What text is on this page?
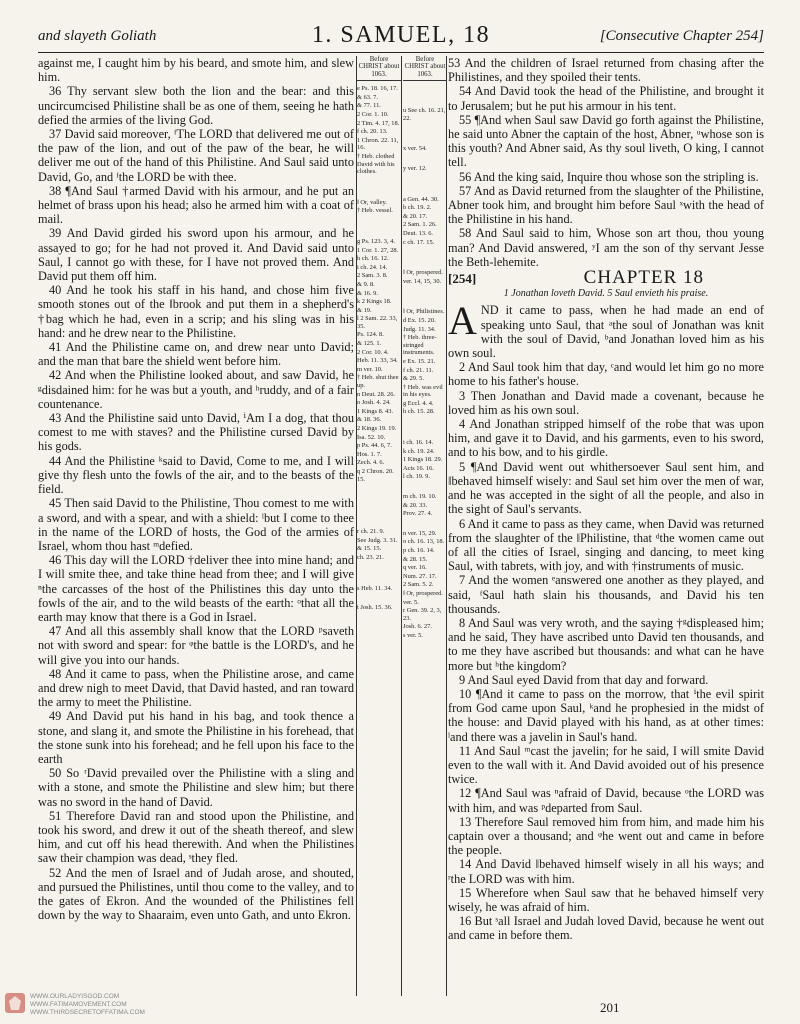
and slayeth Goliath	1. SAMUEL, 18	[Consecutive Chapter 254]

against me, I caught him by his beard, and smote him, and slew him.

36 Thy servant slew both the lion and the bear: and this uncircumcised Philistine shall be as one of them, seeing he hath defied the armies of the living God.

37 David said moreover, ᶠThe LORD that delivered me out of the paw of the lion, and out of the paw of the bear, he will deliver me out of the hand of this Philistine. And Saul said unto David, Go, and ᶠthe LORD be with thee.

38 ¶And Saul †armed David with his armour, and he put an helmet of brass upon his head; also he armed him with a coat of mail.

39 And David girded his sword upon his armour, and he assayed to go; for he had not proved it. And David said unto Saul, I cannot go with these, for I have not proved them. And David put them off him.

40 And he took his staff in his hand, and chose him five smooth stones out of the ‖brook and put them in a shepherd's †bag which he had, even in a scrip; and his sling was in his hand: and he drew near to the Philistine.

41 And the Philistine came on, and drew near unto David; and the man that bare the shield went before him.

42 And when the Philistine looked about, and saw David, he ᵍdisdained him: for he was but a youth, and ʰruddy, and of a fair countenance.

43 And the Philistine said unto David, ⁱAm I a dog, that thou comest to me with staves? and the Philistine cursed David by his gods.

44 And the Philistine ᵏsaid to David, Come to me, and I will give thy flesh unto the fowls of the air, and to the beasts of the field.

45 Then said David to the Philistine, Thou comest to me with a sword, and with a spear, and with a shield: ˡbut I come to thee in the name of the LORD of hosts, the God of the armies of Israel, whom thou hast ᵐdefied.

46 This day will the LORD †deliver thee into mine hand; and I will smite thee, and take thine head from thee; and I will give ⁿthe carcasses of the host of the Philistines this day unto the fowls of the air, and to the wild beasts of the earth: ᵒthat all the earth may know that there is a God in Israel.

47 And all this assembly shall know that the LORD ᵖsaveth not with sword and spear: for ᵠthe battle is the LORD's, and he will give you into our hands.

48 And it came to pass, when the Philistine arose, and came and drew nigh to meet David, that David hasted, and ran toward the army to meet the Philistine.

49 And David put his hand in his bag, and took thence a stone, and slang it, and smote the Philistine in his forehead, that the stone sunk into his forehead; and he fell upon his face to the earth

50 So ʳDavid prevailed over the Philistine with a sling and with a stone, and smote the Philistine and slew him; but there was no sword in the hand of David.

51 Therefore David ran and stood upon the Philistine, and took his sword, and drew it out of the sheath thereof, and slew him, and cut off his head therewith. And when the Philistines saw their champion was dead, ˢthey fled.

52 And the men of Israel and of Judah arose, and shouted, and pursued the Philistines, until thou come to the valley, and to the gates of Ekron. And the wounded of the Philistines fell down by the way to Shaaraim, even unto Gath, and unto Ekron.

Before CHRIST about 1063.
e Ps. 18. 16, 17.
& 63. 7.
& 77. 11.
2 Cor. 1. 10.
2 Tim. 4. 17, 18.
f ch. 20. 13.
1 Chron. 22. 11, 16.
† Heb. clothed David with his clothes.
‖ Or, valley.
† Heb. vessel.
g Ps. 123. 3, 4.
1 Cor. 1. 27, 28.
h ch. 16. 12.
i ch. 24. 14.
2 Sam. 3. 8.
& 9. 8.
& 16. 9.
k 2 Kings 18.
& 19.
l 2 Sam. 22. 33, 35.
Ps. 124. 8.
& 125. 1.
2 Cor. 10. 4.
Heb. 11. 33, 34.
m ver. 10.
† Heb. shut thee up.
n Deut. 28. 26.
o Josh. 4. 24.
1 Kings 8. 43.
& 18. 36.
2 Kings 19. 19.
Isa. 52. 10.
p Ps. 44. 6, 7.
Hos. 1. 7.
Zech. 4. 6.
q 2 Chron. 20. 15.
r ch. 21. 9.
See Judg. 3. 31.
& 15. 15.
ch. 23. 21.
s Heb. 11. 34.
t Josh. 15. 36.
Before CHRIST about 1063.
u See ch. 16. 21, 22.
x ver. 54.
y ver. 12.
a Gen. 44. 30.
b ch. 19. 2.
& 20. 17.
2 Sam. 1. 26.
Deut. 13. 6.
c ch. 17. 15.
‖ Or, prospered.
ver. 14, 15, 30.
‖ Or, Philistines.
d Ex. 15. 20.
Judg. 11. 34.
† Heb. three-stringed instruments.
e Ex. 15. 21.
f ch. 21. 11.
& 29. 5.
† Heb. was evil in his eyes.
g Eccl. 4. 4.
h ch. 15. 28.
i ch. 16. 14.
k ch. 19. 24.
1 Kings 18. 29.
Acts 16. 16.
l ch. 19. 9.
m ch. 19. 10.
& 20. 33.
Prov. 27. 4.
n ver. 15, 29.
o ch. 16. 13, 18.
p ch. 16. 14.
& 28. 15.
q ver. 16.
Num. 27. 17.
2 Sam. 5. 2.
‖ Or, prospered.
ver. 5.
r Gen. 39. 2, 3, 23.
Josh. 6. 27.
s ver. 5.

53 And the children of Israel returned from chasing after the Philistines, and they spoiled their tents.

54 And David took the head of the Philistine, and brought it to Jerusalem; but he put his armour in his tent.

55 ¶And when Saul saw David go forth against the Philistine, he said unto Abner the captain of the host, Abner, ᵘwhose son is this youth? And Abner said, As thy soul liveth, O king, I cannot tell.

56 And the king said, Inquire thou whose son the stripling is.

57 And as David returned from the slaughter of the Philistine, Abner took him, and brought him before Saul ˣwith the head of the Philistine in his hand.

58 And Saul said to him, Whose son art thou, thou young man? And David answered, ʸI am the son of thy servant Jesse the Beth-lehemite.

[254]	CHAPTER 18
1 Jonathan loveth David. 5 Saul envieth his praise.

AND it came to pass, when he had made an end of speaking unto Saul, that ᵃthe soul of Jonathan was knit with the soul of David, ᵇand Jonathan loved him as his own soul.

2 And Saul took him that day, ᶜand would let him go no more home to his father's house.

3 Then Jonathan and David made a covenant, because he loved him as his own soul.

4 And Jonathan stripped himself of the robe that was upon him, and gave it to David, and his garments, even to his sword, and to his bow, and to his girdle.

5 ¶And David went out whithersoever Saul sent him, and ‖behaved himself wisely: and Saul set him over the men of war, and he was accepted in the sight of all the people, and also in the sight of Saul's servants.

6 And it came to pass as they came, when David was returned from the slaughter of the ‖Philistine, that ᵈthe women came out of all the cities of Israel, singing and dancing, to meet king Saul, with tabrets, with joy, and with †instruments of music.

7 And the women ᵉanswered one another as they played, and said, ᶠSaul hath slain his thousands, and David his ten thousands.

8 And Saul was very wroth, and the saying †ᵍdispleased him; and he said, They have ascribed unto David ten thousands, and to me they have ascribed but thousands: and what can he have more but ʰthe kingdom?

9 And Saul eyed David from that day and forward.

10 ¶And it came to pass on the morrow, that ⁱthe evil spirit from God came upon Saul, ᵏand he prophesied in the midst of the house: and David played with his hand, as at other times: ˡand there was a javelin in Saul's hand.

11 And Saul ᵐcast the javelin; for he said, I will smite David even to the wall with it. And David avoided out of his presence twice.

12 ¶And Saul was ⁿafraid of David, because ᵒthe LORD was with him, and was ᵖdeparted from Saul.

13 Therefore Saul removed him from him, and made him his captain over a thousand; and ᵠhe went out and came in before the people.

14 And David ‖behaved himself wisely in all his ways; and ʳthe LORD was with him.

15 Wherefore when Saul saw that he behaved himself very wisely, he was afraid of him.

16 But ˢall Israel and Judah loved David, because he went out and came in before them.

201
WWW.OURLADYISGOD.COM
WWW.FATIMAMOVEMENT.COM
WWW.THIRDSECRETOFFATIMA.COM
